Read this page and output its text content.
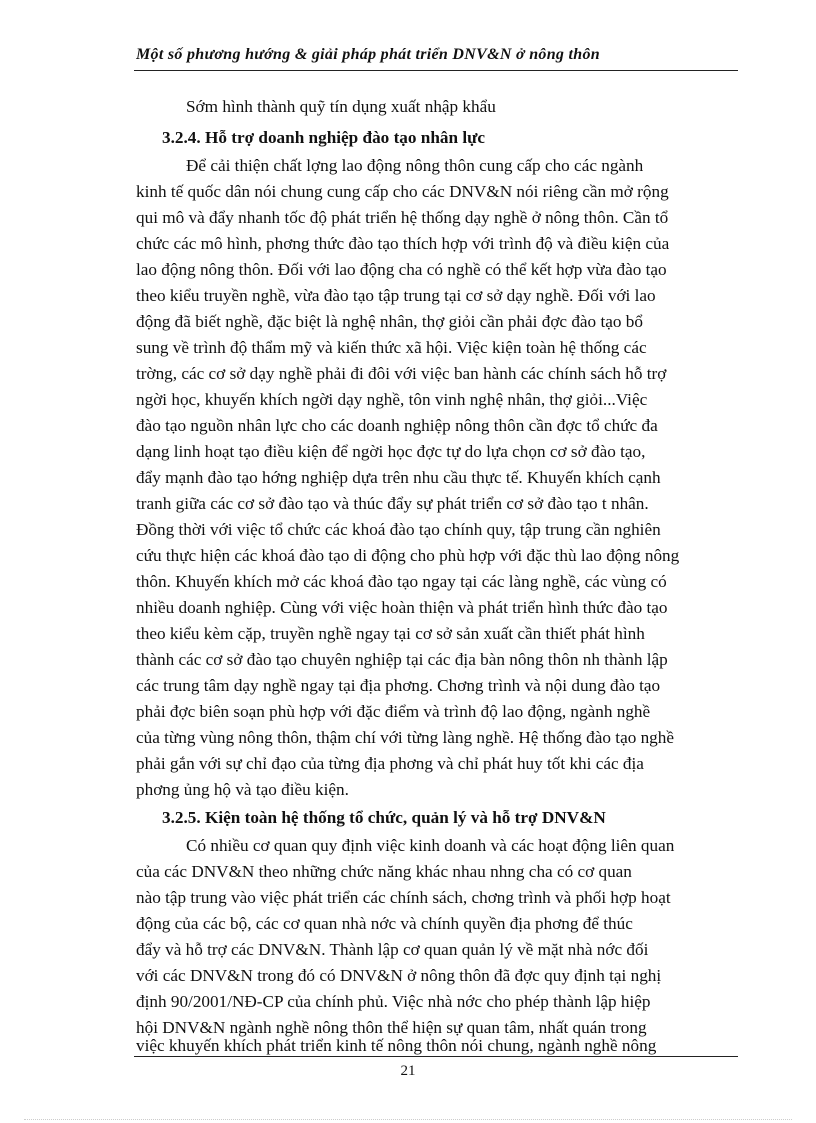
Một số phương hướng & giải pháp phát triển DNV&N ở nông thôn
Sớm hình thành quỹ tín dụng xuất nhập khẩu
3.2.4. Hỗ trợ doanh nghiệp đào tạo nhân lực
Để cải thiện chất lợng lao động nông thôn cung cấp cho các ngành
kinh tế quốc dân nói chung cung cấp cho các DNV&N nói riêng cần mở rộng
qui mô và đẩy nhanh tốc độ phát triển hệ thống dạy nghề ở nông thôn. Cần tổ
chức các mô hình, phơng thức đào tạo thích hợp với trình độ và điều kiện của
lao động nông thôn. Đối với lao động cha có nghề có thể kết hợp vừa đào tạo
theo kiểu truyền nghề, vừa đào tạo tập trung tại cơ sở dạy nghề. Đối với lao
động đã biết nghề, đặc biệt là nghệ nhân, thợ giỏi cần phải đợc đào tạo bổ
sung về trình độ thẩm mỹ và kiến thức xã hội. Việc kiện toàn hệ thống các
trờng, các cơ sở dạy nghề phải đi đôi với việc ban hành các chính sách hỗ trợ
ngời học, khuyến khích ngời dạy nghề, tôn vinh nghệ nhân, thợ giỏi...Việc
đào tạo nguồn nhân lực cho các doanh nghiệp nông thôn cần đợc tổ chức đa
dạng linh hoạt tạo điều kiện để ngời học đợc tự do lựa chọn cơ sở đào tạo,
đẩy mạnh đào tạo hớng nghiệp dựa trên nhu cầu thực tế. Khuyến khích cạnh
tranh giữa các cơ sở đào tạo và thúc đẩy sự phát triển cơ sở đào tạo t nhân.
Đồng thời với việc tổ chức các khoá đào tạo chính quy, tập trung cần nghiên
cứu thực hiện các khoá đào tạo di động cho phù hợp với đặc thù lao động nông
thôn. Khuyến khích mở các khoá đào tạo ngay tại các làng nghề, các vùng có
nhiều doanh nghiệp. Cùng với việc hoàn thiện và phát triển hình thức đào tạo
theo kiểu kèm cặp, truyền nghề ngay tại cơ sở sản xuất cần thiết phát hình
thành các cơ sở đào tạo chuyên nghiệp tại các địa bàn nông thôn nh thành lập
các trung tâm dạy nghề ngay tại địa phơng. Chơng trình và nội dung đào tạo
phải đợc biên soạn phù hợp với đặc điểm và trình độ lao động, ngành nghề
của từng vùng nông thôn, thậm chí với từng làng nghề. Hệ thống đào tạo nghề
phải gắn với sự chỉ đạo của từng địa phơng và chỉ phát huy tốt khi các địa
phơng ủng hộ và tạo điều kiện.
3.2.5. Kiện toàn hệ thống tổ chức, quản lý và hỗ trợ DNV&N
Có nhiều cơ quan quy định việc kinh doanh và các hoạt động liên quan
của các DNV&N theo những chức năng khác nhau nhng cha có cơ quan
nào tập trung vào việc phát triển các chính sách, chơng trình và phối hợp hoạt
động của các bộ, các cơ quan nhà nớc và chính quyền địa phơng để thúc
đẩy và hỗ trợ các DNV&N. Thành lập cơ quan quản lý về mặt nhà nớc đối
với các DNV&N trong đó có DNV&N ở nông thôn đã đợc quy định tại nghị
định 90/2001/NĐ-CP của chính phủ. Việc nhà nớc cho phép thành lập hiệp
hội DNV&N ngành nghề nông thôn thể hiện sự quan tâm, nhất quán trong
việc khuyến khích phát triển kinh tế nông thôn nói chung, ngành nghề nông
21
